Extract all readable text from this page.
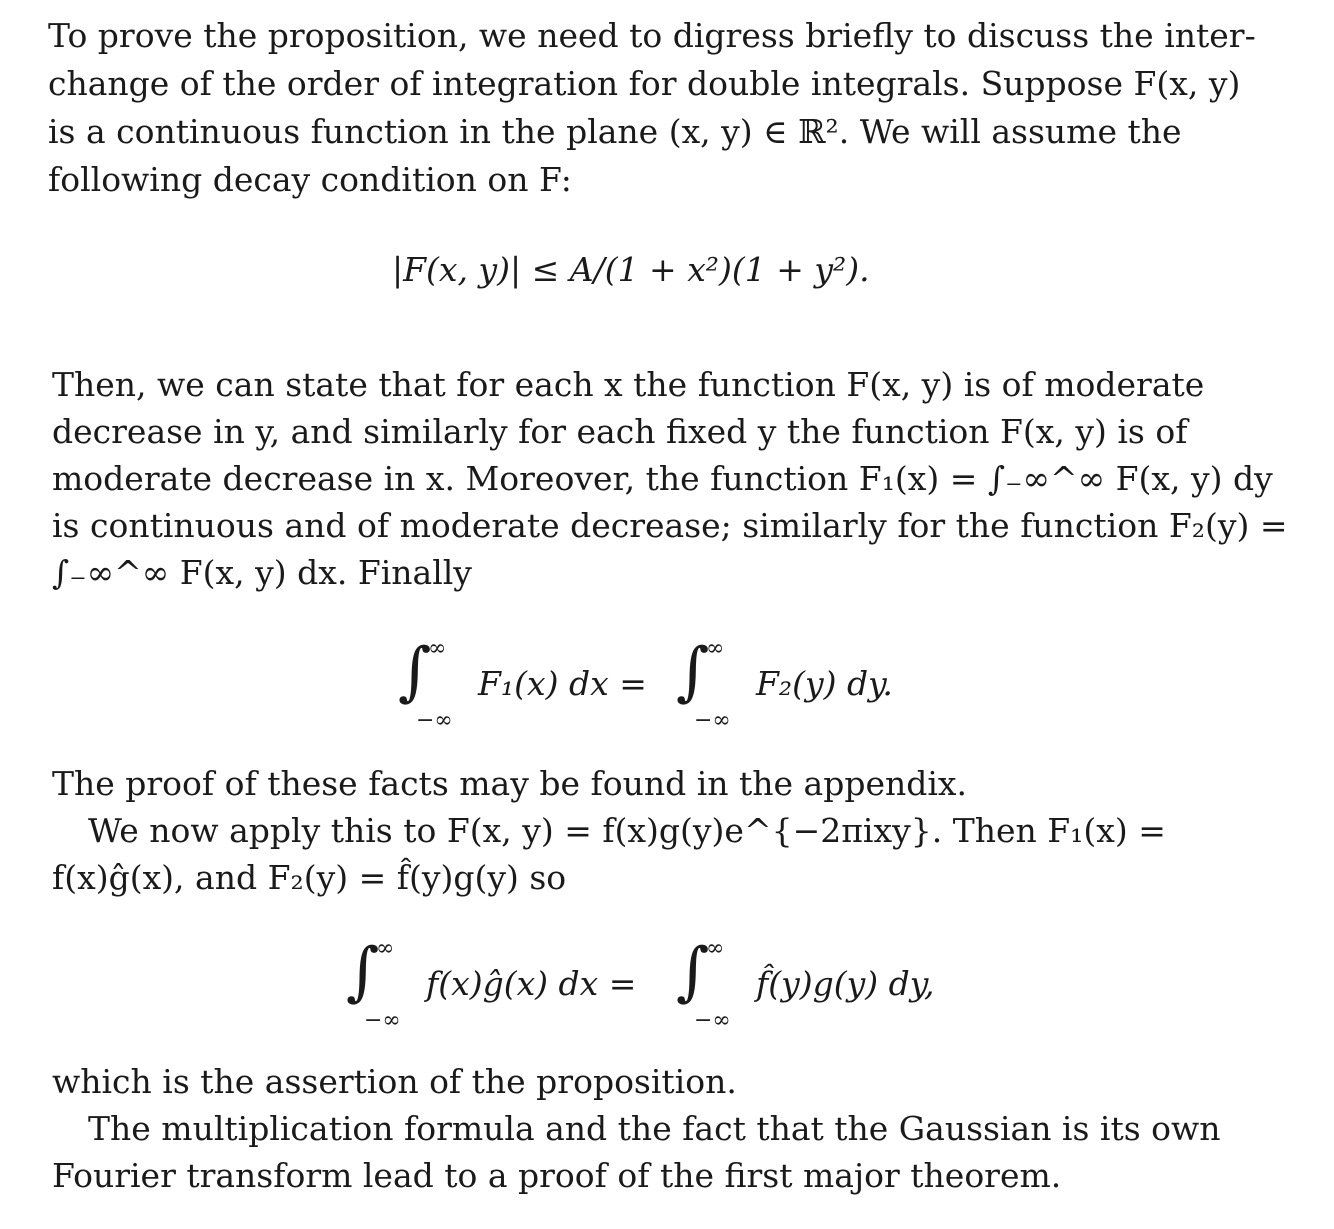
To prove the proposition, we need to digress briefly to discuss the inter-
change of the order of integration for double integrals. Suppose F(x, y)
is a continuous function in the plane (x, y) ∈ ℝ². We will assume the
following decay condition on F:
|F(x, y)| ≤ A/(1 + x²)(1 + y²).
Then, we can state that for each x the function F(x, y) is of moderate
decrease in y, and similarly for each fixed y the function F(x, y) is of
moderate decrease in x. Moreover, the function F₁(x) = ∫₋∞^∞ F(x, y) dy
is continuous and of moderate decrease; similarly for the function F₂(y) =
∫₋∞^∞ F(x, y) dx. Finally
∫
∞
−∞
F₁(x) dx = ∫
∞
−∞
F₂(y) dy.
The proof of these facts may be found in the appendix.
We now apply this to F(x, y) = f(x)g(y)e^{−2πixy}. Then F₁(x) =
f(x)ĝ(x), and F₂(y) = f̂(y)g(y) so
∫
∞
−∞
f(x)ĝ(x) dx = ∫
∞
−∞
f̂(y)g(y) dy,
which is the assertion of the proposition.
The multiplication formula and the fact that the Gaussian is its own
Fourier transform lead to a proof of the first major theorem.
